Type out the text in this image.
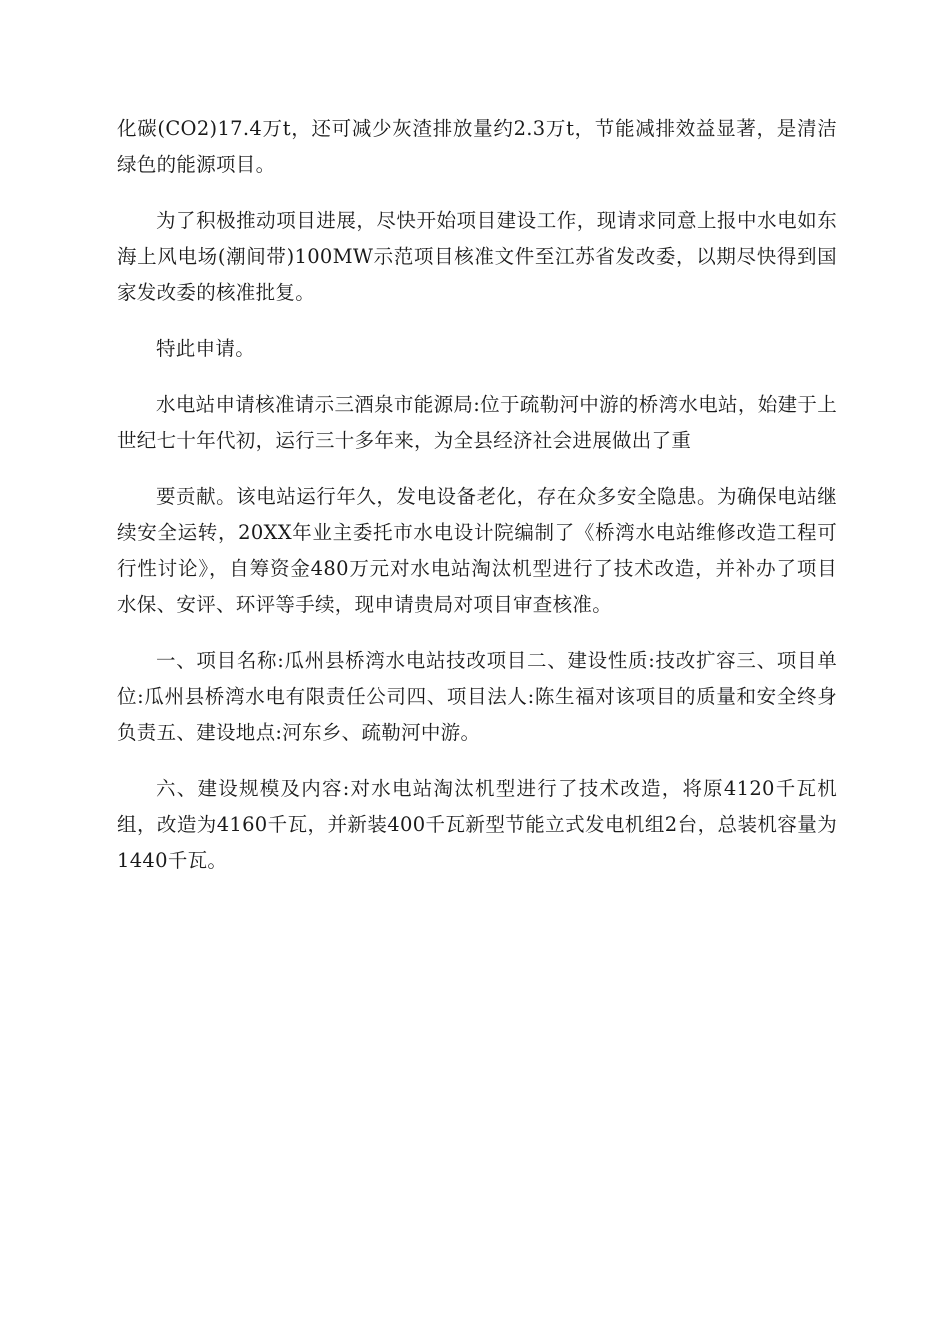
化碳(CO2)17.4万t，还可减少灰渣排放量约2.3万t，节能减排效益显著，是清洁绿色的能源项目。

为了积极推动项目进展，尽快开始项目建设工作，现请求同意上报中水电如东海上风电场(潮间带)100MW示范项目核准文件至江苏省发改委，以期尽快得到国家发改委的核准批复。

特此申请。

水电站申请核准请示三酒泉市能源局:位于疏勒河中游的桥湾水电站，始建于上世纪七十年代初，运行三十多年来，为全县经济社会进展做出了重

要贡献。该电站运行年久，发电设备老化，存在众多安全隐患。为确保电站继续安全运转，20XX年业主委托市水电设计院编制了《桥湾水电站维修改造工程可行性讨论》，自筹资金480万元对水电站淘汰机型进行了技术改造，并补办了项目水保、安评、环评等手续，现申请贵局对项目审查核准。

一、项目名称:瓜州县桥湾水电站技改项目二、建设性质:技改扩容三、项目单位:瓜州县桥湾水电有限责任公司四、项目法人:陈生福对该项目的质量和安全终身负责五、建设地点:河东乡、疏勒河中游。

六、建设规模及内容:对水电站淘汰机型进行了技术改造，将原4120千瓦机组，改造为4160千瓦，并新装400千瓦新型节能立式发电机组2台，总装机容量为1440千瓦。
